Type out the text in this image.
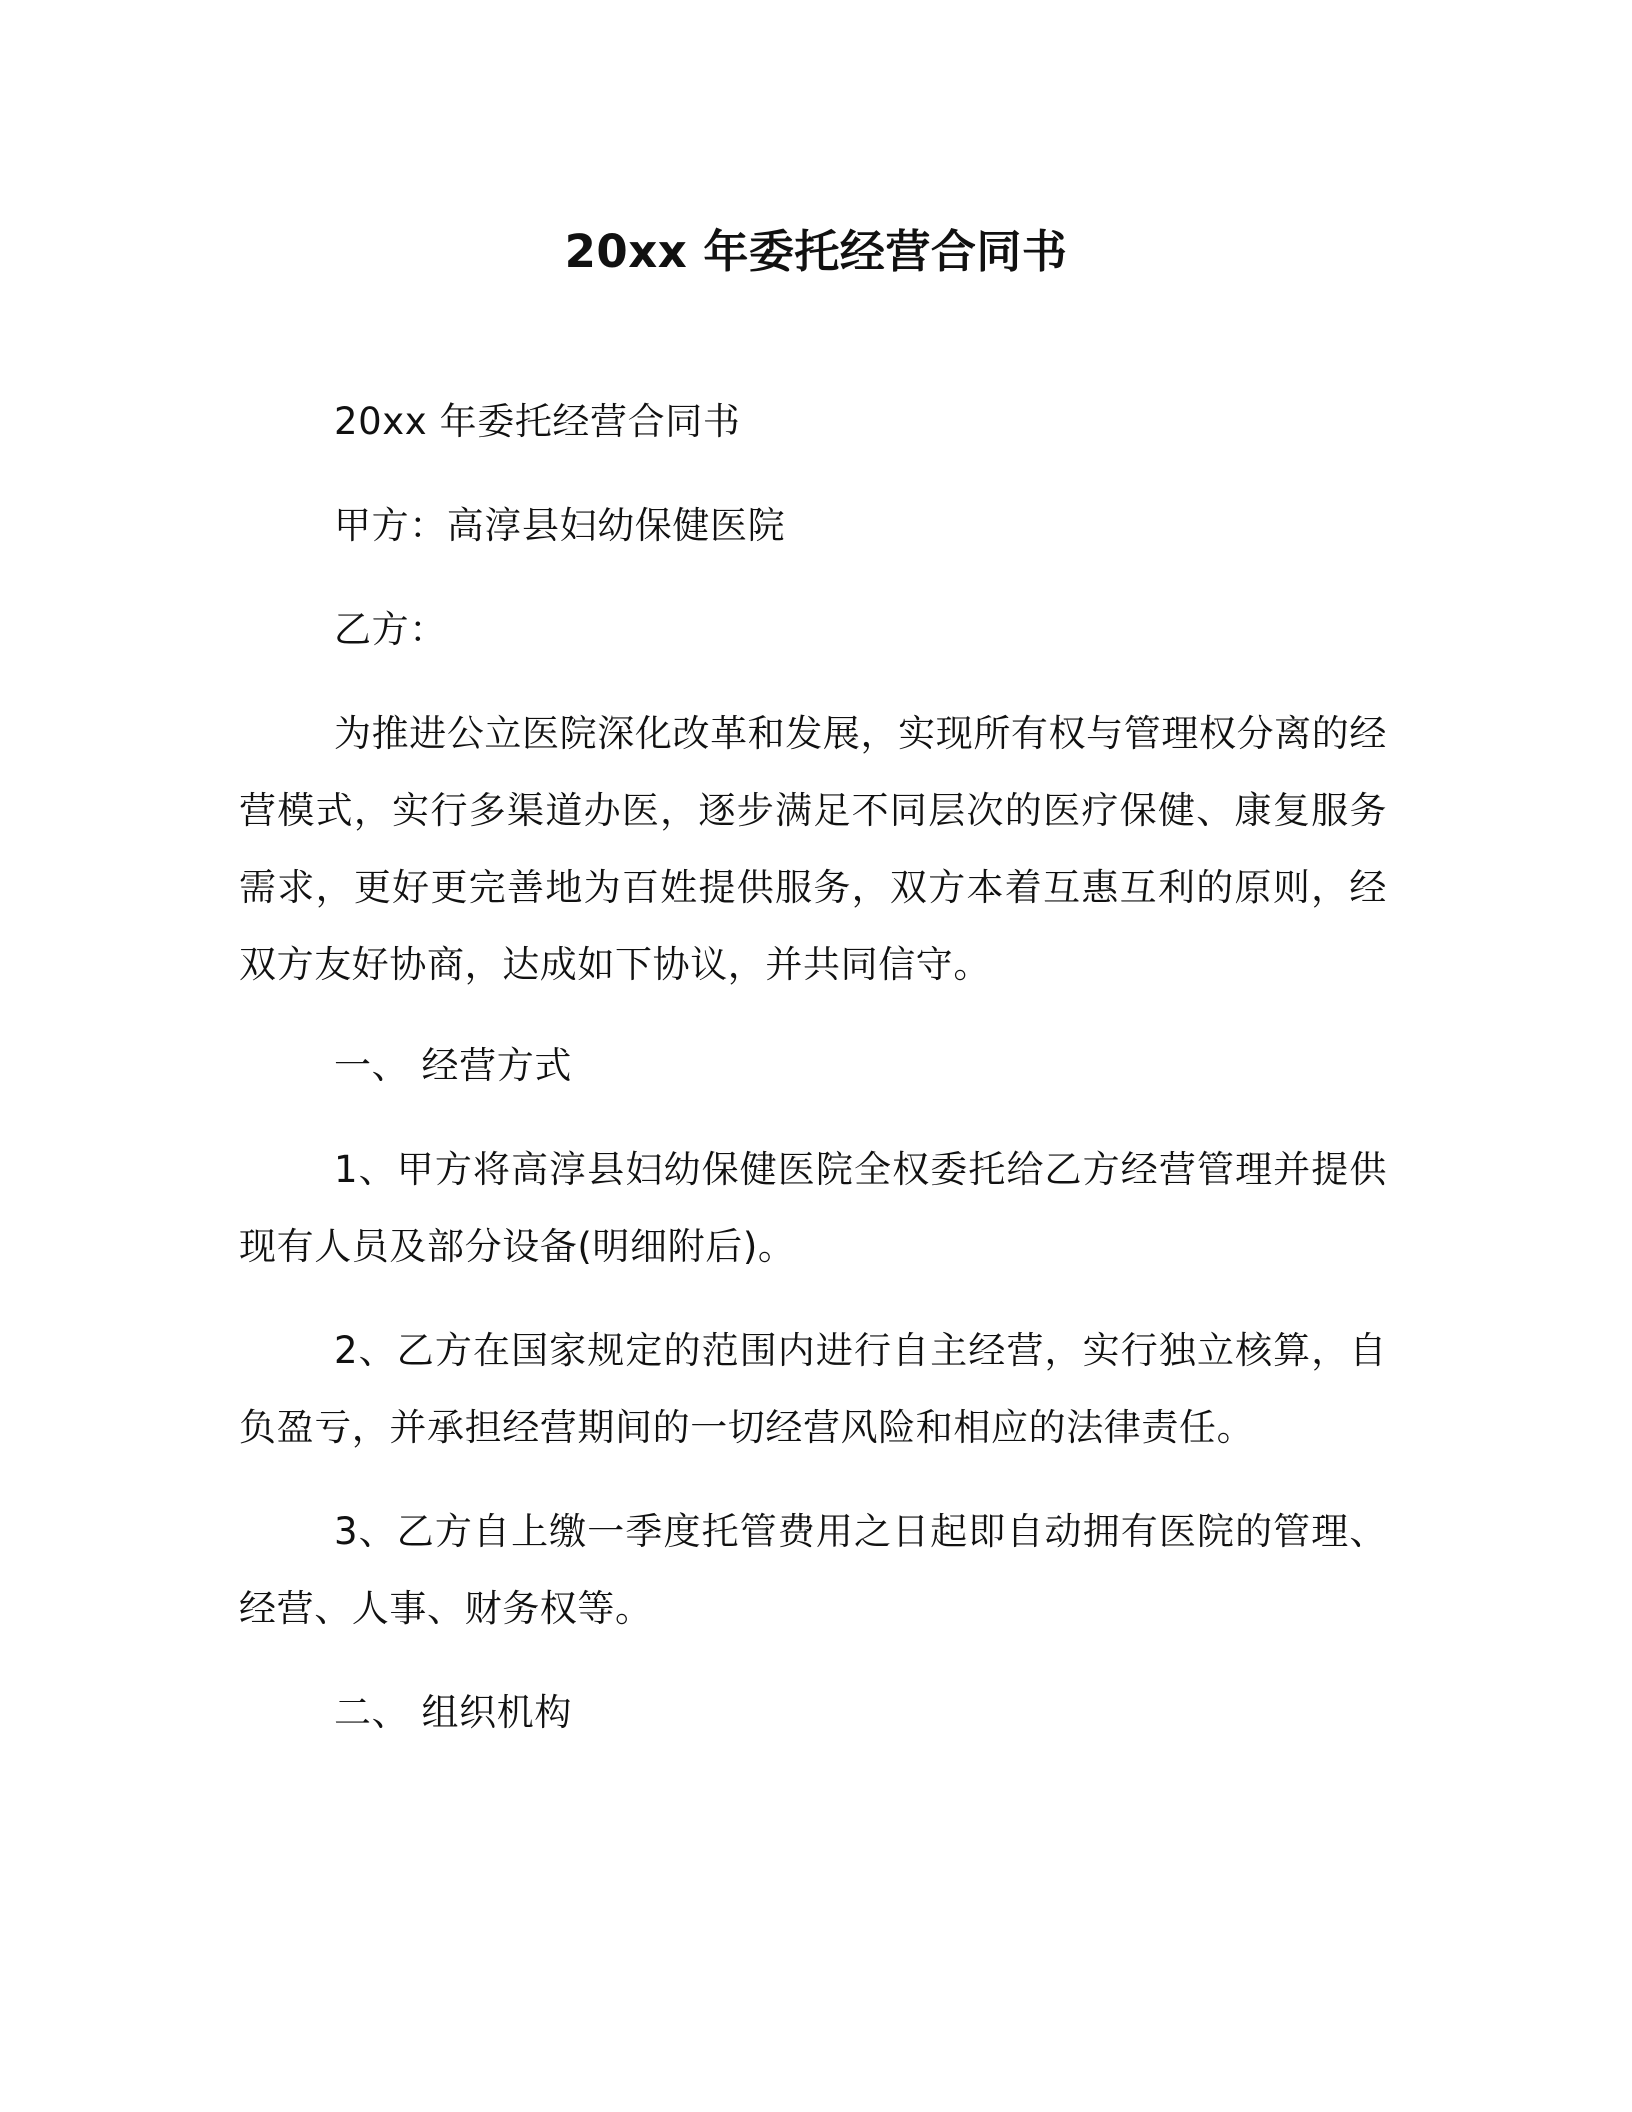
20xx 年委托经营合同书

20xx 年委托经营合同书

甲方：高淳县妇幼保健医院

乙方：

为推进公立医院深化改革和发展，实现所有权与管理权分离的经营模式，实行多渠道办医，逐步满足不同层次的医疗保健、康复服务需求，更好更完善地为百姓提供服务，双方本着互惠互利的原则，经双方友好协商，达成如下协议，并共同信守。

一、 经营方式

1、甲方将高淳县妇幼保健医院全权委托给乙方经营管理并提供现有人员及部分设备(明细附后)。

2、乙方在国家规定的范围内进行自主经营，实行独立核算，自负盈亏，并承担经营期间的一切经营风险和相应的法律责任。

3、乙方自上缴一季度托管费用之日起即自动拥有医院的管理、经营、人事、财务权等。

二、 组织机构
